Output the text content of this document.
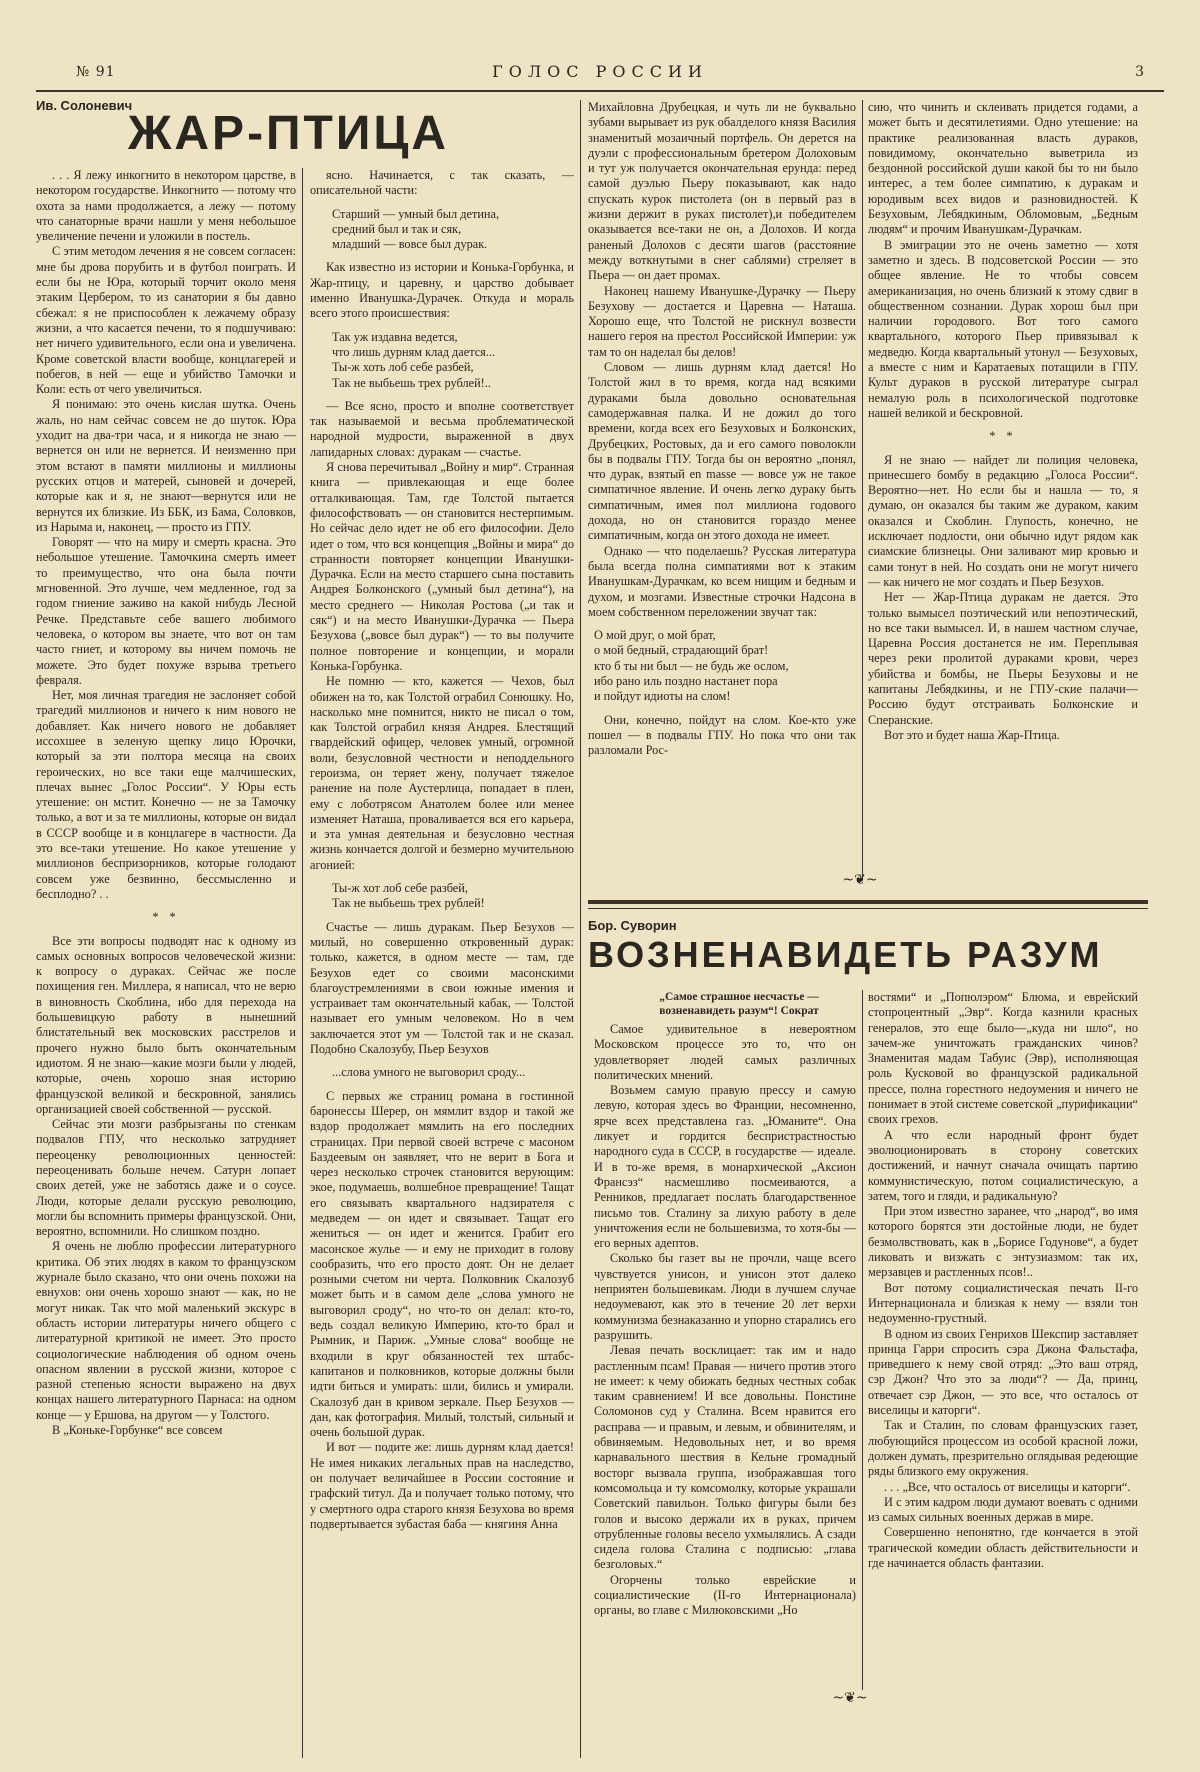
№ 91	ГОЛОС РОССИИ	3
Ив. Солоневич
ЖАР-ПТИЦА

. . . Я лежу инкогнито в некотором царстве, в некотором государстве. Инкогнито — потому что охота за нами продолжается, а лежу — потому что санаторные врачи нашли у меня небольшое увеличение печени и уложили в постель.

С этим методом лечения я не совсем согласен: мне бы дрова порубить и в футбол поиграть. И если бы не Юра, который торчит около меня этаким Цербером, то из санатории я бы давно сбежал: я не приспособлен к лежачему образу жизни, а что касается печени, то я подшучиваю: нет ничего удивительного, если она и увеличена. Кроме советской власти вообще, концлагерей и побегов, в ней — еще и убийство Тамочки и Коли: есть от чего увеличиться.

Я понимаю: это очень кислая шутка. Очень жаль, но нам сейчас совсем не до шуток. Юра уходит на два-три часа, и я никогда не знаю — вернется он или не вернется. И неизменно при этом встают в памяти миллионы и миллионы русских отцов и матерей, сыновей и дочерей, которые как и я, не знают—вернутся или не вернутся их близкие. Из ББК, из Бама, Соловков, из Нарыма и, наконец, — просто из ГПУ.

Говорят — что на миру и смерть красна. Это небольшое утешение. Тамочкина смерть имеет то преимущество, что она была почти мгновенной. Это лучше, чем медленное, год за годом гниение заживо на какой нибудь Лесной Речке. Представьте себе вашего любимого человека, о котором вы знаете, что вот он там часто гниет, и которому вы ничем помочь не можете. Это будет похуже взрыва третьего февраля.

Нет, моя личная трагедия не заслоняет собой трагедий миллионов и ничего к ним нового не добавляет. Как ничего нового не добавляет иссохшее в зеленую щепку лицо Юрочки, который за эти полтора месяца на своих героических, но все таки еще малчишеских, плечах вынес „Голос России“. У Юры есть утешение: он мстит. Конечно — не за Тамочку только, а вот и за те миллионы, которые он видал в СССР вообще и в концлагере в частности. Да это все-таки утешение. Но какое утешение у миллионов беспризорников, которые голодают совсем уже безвинно, бессмысленно и бесплодно? . .

* *

Все эти вопросы подводят нас к одному из самых основных вопросов человеческой жизни: к вопросу о дураках. Сейчас же после похищения ген. Миллера, я написал, что не верю в виновность Скоблина, ибо для перехода на большевицкую работу в нынешний блистательный век московских расстрелов и прочего нужно было быть окончательным идиотом. Я не знаю—какие мозги были у людей, которые, очень хорошо зная историю французской великой и бескровной, занялись организацией своей собственной — русской.

Сейчас эти мозги разбрызганы по стенкам подвалов ГПУ, что несколько затрудняет переоценку революционных ценностей: переоценивать больше нечем. Сатурн лопает своих детей, уже не заботясь даже и о соусе. Люди, которые делали русскую революцию, могли бы вспомнить примеры французской. Они, вероятно, вспомнили. Но слишком поздно.

Я очень не люблю профессии литературного критика. Об этих людях в каком то французском журнале было сказано, что они очень похожи на евнухов: они очень хорошо знают — как, но не могут никак. Так что мой маленький экскурс в область истории литературы ничего общего с литературной критикой не имеет. Это просто социологические наблюдения об одном очень опасном явлении в русской жизни, которое с разной степенью ясности выражено на двух концах нашего литературного Парнаса: на одном конце — у Ершова, на другом — у Толстого.

В „Коньке-Горбунке“ все совсем

ясно. Начинается, с так сказать, — описательной части:

Старший — умный был детина,
средний был и так и сяк,
младший — вовсе был дурак.

Как известно из истории и Конька-Горбунка, и Жар-птицу, и царевну, и царство добывает именно Иванушка-Дурачек. Откуда и мораль всего этого происшествия:

Так уж издавна ведется,
что лишь дурням клад дается...
Ты-ж хоть лоб себе разбей,
Так не выбьешь трех рублей!..

— Все ясно, просто и вполне соответствует так называемой и весьма проблематической народной мудрости, выраженной в двух лапидарных словах: дуракам — счастье.

Я снова перечитывал „Войну и мир“. Странная книга — привлекающая и еще более отталкивающая. Там, где Толстой пытается философствовать — он становится нестерпимым. Но сейчас дело идет не об его философии. Дело идет о том, что вся концепция „Войны и мира“ до странности повторяет концепции Иванушки-Дурачка. Если на место старшего сына поставить Андрея Болконского („умный был детина“), на место среднего — Николая Ростова („и так и сяк“) и на место Иванушки-Дурачка — Пьера Безухова („вовсе был дурак“) — то вы получите полное повторение и концепции, и морали Конька-Горбунка.

Не помню — кто, кажется — Чехов, был обижен на то, как Толстой ограбил Сонюшку. Но, насколько мне помнится, никто не писал о том, как Толстой ограбил князя Андрея. Блестящий гвардейский офицер, человек умный, огромной воли, безусловной честности и неподдельного героизма, он теряет жену, получает тяжелое ранение на поле Аустерлица, попадает в плен, ему с лоботрясом Анатолем более или менее изменяет Наташа, проваливается вся его карьера, и эта умная деятельная и безусловно честная жизнь кончается долгой и безмерно мучительною агонией:

Ты-ж хот лоб себе разбей,
Так не выбьешь трех рублей!

Счастье — лишь дуракам. Пьер Безухов — милый, но совершенно откровенный дурак: только, кажется, в одном месте — там, где Безухов едет со своими масонскими благоустремлениями в свои южные имения и устраивает там окончательный кабак, — Толстой называет его умным человеком. Но в чем заключается этот ум — Толстой так и не сказал. Подобно Скалозубу, Пьер Безухов

...слова умного не выговорил сроду...

С первых же страниц романа в гостинной баронессы Шерер, он мямлит вздор и такой же вздор продолжает мямлить на его последних страницах. При первой своей встрече с масоном Баздеевым он заявляет, что не верит в Бога и через несколько строчек становится верующим: экое, подумаешь, волшебное превращение! Тащат его связывать квартального надзирателя с медведем — он идет и связывает. Тащат его жениться — он идет и женится. Грабит его масонское жулье — и ему не приходит в голову сообразить, что его просто доят. Он не делает розными счетом ни черта. Полковник Скалозуб может быть и в самом деле „слова умного не выговорил сроду“, но что-то он делал: кто-то, ведь создал великую Империю, кто-то брал и Рымник, и Париж. „Умные слова“ вообще не входили в круг обязанностей тех штабс-капитанов и полковников, которые должны были идти биться и умирать: шли, бились и умирали. Скалозуб дан в кривом зеркале. Пьер Безухов — дан, как фотография. Милый, толстый, сильный и очень большой дурак.

И вот — подите же: лишь дурням клад дается! Не имея никаких легальных прав на наследство, он получает величайшее в России состояние и графский титул. Да и получает только потому, что у смертного одра старого князя Безухова во время подвертывается зубастая баба — княгиня Анна

Михайловна Друбецкая, и чуть ли не буквально зубами вырывает из рук обалделого князя Василия знаменитый мозаичный портфель. Он дерется на дуэли с профессиональным бретером Долоховым и тут уж получается окончательная ерунда: перед самой дуэлью Пьеру показывают, как надо спускать курок пистолета (он в первый раз в жизни держит в руках пистолет),и победителем оказывается все-таки не он, а Долохов. И когда раненый Долохов с десяти шагов (расстояние между воткнутыми в снег саблями) стреляет в Пьера — он дает промах.

Наконец нашему Иванушке-Дурачку — Пьеру Безухову — достается и Царевна — Наташа. Хорошо еще, что Толстой не рискнул возвести нашего героя на престол Российской Империи: уж там то он наделал бы делов!

Словом — лишь дурням клад дается! Но Толстой жил в то время, когда над всякими дураками была довольно основательная самодержавная палка. И не дожил до того времени, когда всех его Безуховых и Болконских, Друбецких, Ростовых, да и его самого поволокли бы в подвалы ГПУ. Тогда бы он вероятно „понял, что дурак, взятый en masse — вовсе уж не такое симпатичное явление. И очень легко дураку быть симпатичным, имея пол миллиона годового дохода, но он становится гораздо менее симпатичным, когда он этого дохода не имеет.

Однако — что поделаешь? Русская литература была всегда полна симпатиями вот к этаким Иванушкам-Дурачкам, ко всем нищим и бедным и духом, и мозгами. Известные строчки Надсона в моем собственном переложении звучат так:

О мой друг, о мой брат,
о мой бедный, страдающий брат!
кто б ты ни был — не будь же ослом,
ибо рано иль поздно настанет пора
и пойдут идиоты на слом!

Они, конечно, пойдут на слом. Кое-кто уже пошел — в подвалы ГПУ. Но пока что они так разломали Рос-

сию, что чинить и склеивать придется годами, а может быть и десятилетиями. Одно утешение: на практике реализованная власть дураков, повидимому, окончательно выветрила из бездонной российской души какой бы то ни было интерес, а тем более симпатию, к дуракам и юродивым всех видов и разновидностей. К Безуховым, Лебядкиным, Обломовым, „Бедным людям“ и прочим Иванушкам-Дурачкам.

В эмиграции это не очень заметно — хотя заметно и здесь. В подсоветской России — это общее явление. Не то чтобы совсем американизация, но очень близкий к этому сдвиг в общественном сознании. Дурак хорош был при наличии городового. Вот того самого квартального, которого Пьер привязывал к медведю. Когда квартальный утонул — Безуховых, а вместе с ним и Каратаевых потащили в ГПУ. Культ дураков в русской литературе сыграл немалую роль в психологической подготовке нашей великой и бескровной.

* *

Я не знаю — найдет ли полиция человека, принесшего бомбу в редакцию „Голоса России“. Вероятно—нет. Но если бы и нашла — то, я думаю, он оказался бы таким же дураком, каким оказался и Скоблин. Глупость, конечно, не исключает подлости, они обычно идут рядом как сиамские близнецы. Они заливают мир кровью и сами тонут в ней. Но создать они не могут ничего — как ничего не мог создать и Пьер Безухов.

Нет — Жар-Птица дуракам не дается. Это только вымысел поэтический или непоэтический, но все таки вымысел. И, в нашем частном случае, Царевна Россия достанется не им. Переплывая через реки пролитой дураками крови, через убийства и бомбы, не Пьеры Безуховы и не капитаны Лебядкины, и не ГПУ-ские палачи— Россию будут отстраивать Болконские и Сперанские.

Вот это и будет наша Жар-Птица.

~❦~
Бор. Суворин
ВОЗНЕНАВИДЕТЬ РАЗУМ
„Самое страшное несчастье — возненавидеть разум“! Сократ

Самое удивительное в невероятном Московском процессе это то, что он удовлетворяет людей самых различных политических мнений.

Возьмем самую правую прессу и самую левую, которая здесь во Франции, несомненно, ярче всех представлена газ. „Юманите“. Она ликует и гордится беспристрастностью народного суда в СССР, в государстве — идеале. И в то-же время, в монархической „Аксион Франсэз“ насмешливо посмеиваются, а Ренников, предлагает послать благодарственное письмо тов. Сталину за лихую работу в деле уничтожения если не большевизма, то хотя-бы — его верных адептов.

Сколько бы газет вы не прочли, чаще всего чувствуется унисон, и унисон этот далеко неприятен большевикам. Люди в лучшем случае недоумевают, как это в течение 20 лет верхи коммунизма безнаказанно и упорно старались его разрушить.

Левая печать восклицает: так им и надо растленным псам! Правая — ничего против этого не имеет: к чему обижать бедных честных собак таким сравнением! И все довольны. Понстине Соломонов суд у Сталина. Всем нравится его расправа — и правым, и левым, и обвинителям, и обвиняемым. Недовольных нет, и во время карнавального шествия в Кельне громадный восторг вызвала группа, изображавшая того комсомольца и ту комсомолку, которые украшали Советский павильон. Только фигуры были без голов и высоко держали их в руках, причем отрубленные головы весело ухмылялись. А сзади сидела голова Сталина с подписью: „глава безголовых.“

Огорчены только еврейские и социалистические (II-го Интернационала) органы, во главе с Милюковскими „Но

востями“ и „Попюлэром“ Блюма, и еврейский стопроцентный „Эвр“. Когда казнили красных генералов, это еще было—„куда ни шло“, но зачем-же уничтожать гражданских чинов? Знаменитая мадам Табуис (Эвр), исполняющая роль Кусковой во французской радикальной прессе, полна горестного недоумения и ничего не понимает в этой системе советской „пурификации“ своих грехов.

А что если народный фронт будет эволюционировать в сторону советских достижений, и начнут сначала очищать партию коммунистическую, потом социалистическую, а затем, того и гляди, и радикальную?

При этом известно заранее, что „народ“, во имя которого борятся эти достойные люди, не будет безмолвствовать, как в „Борисе Годунове“, а будет ликовать и визжать с энтузиазмом: так их, мерзавцев и растленных псов!..

Вот потому социалистическая печать II-го Интернационала и близкая к нему — взяли тон недоуменно-грустный.

В одном из своих Генрихов Шекспир заставляет принца Гарри спросить сэра Джона Фальстафа, приведшего к нему свой отряд: „Это ваш отряд, сэр Джон? Что это за люди“? — Да, принц, отвечает сэр Джон, — это все, что осталось от виселицы и каторги“.

Так и Сталин, по словам французских газет, любующийся процессом из особой красной ложи, должен думать, презрительно оглядывая редеющие ряды близкого ему окружения.

. . . „Все, что осталось от виселицы и каторги“.

И с этим кадром люди думают воевать с одними из самых сильных военных держав в мире.

Совершенно непонятно, где кончается в этой трагической комедии область действительности и где начинается область фантазии.

~❦~
